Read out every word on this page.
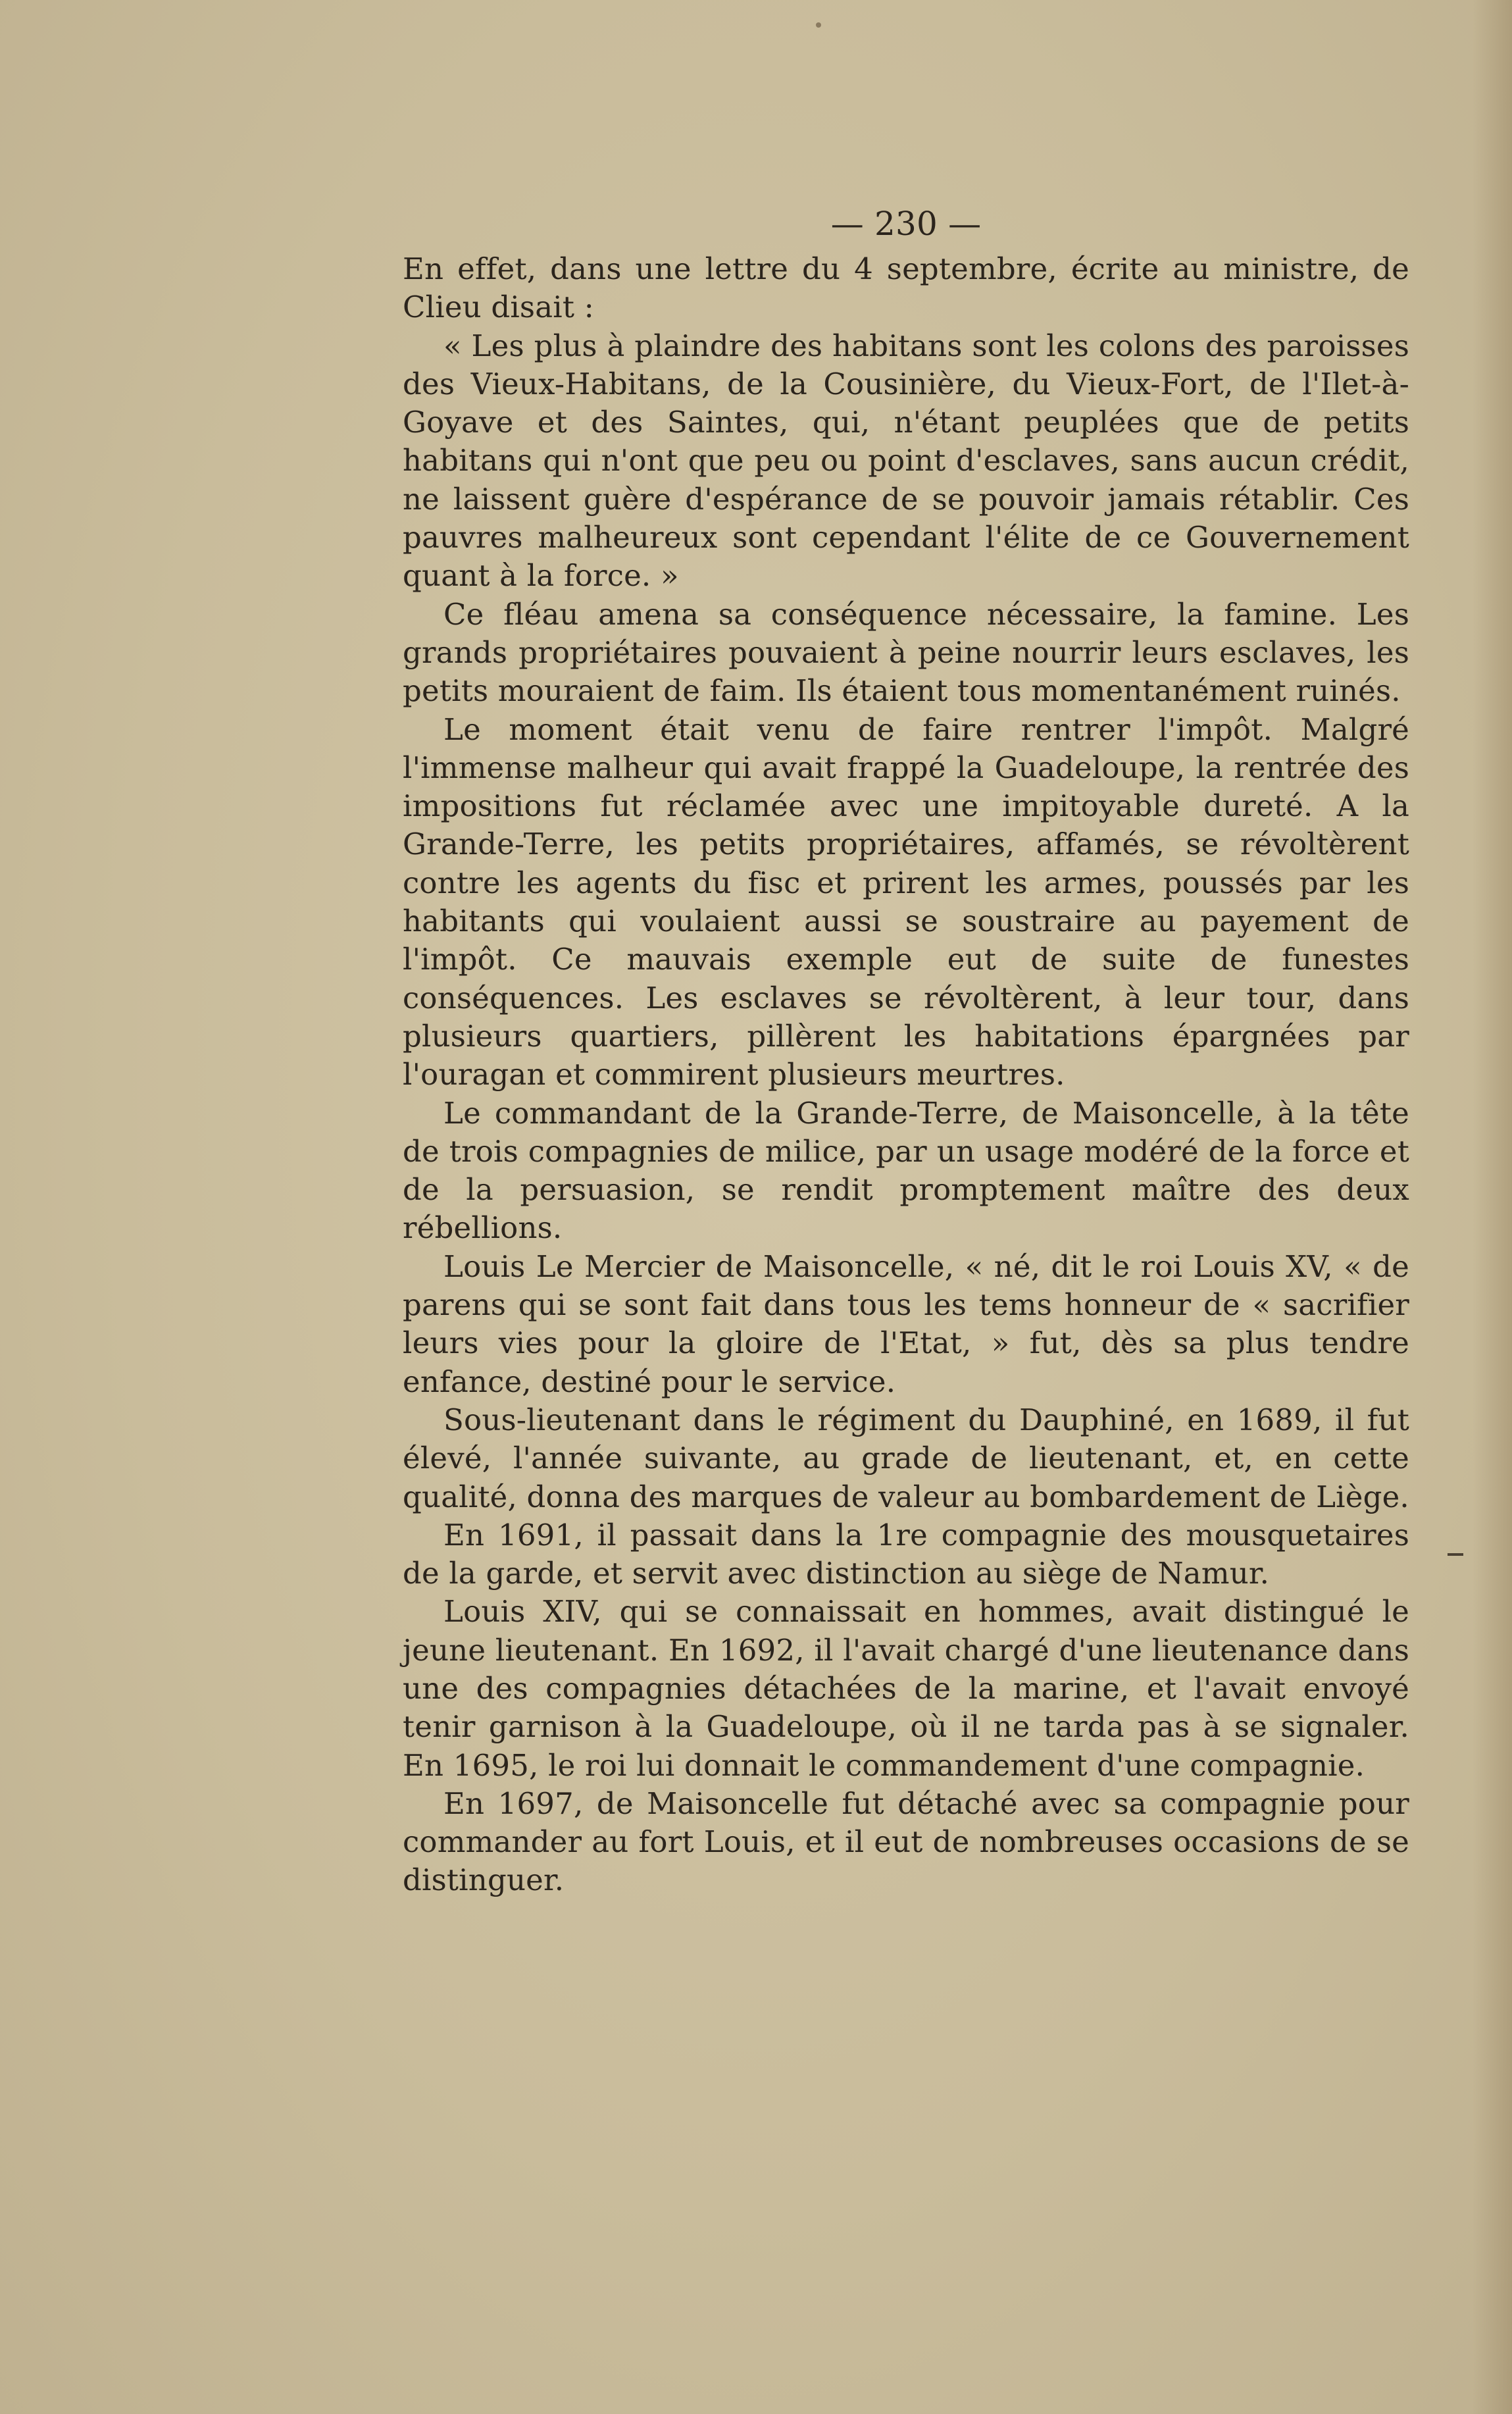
— 230 —

En effet, dans une lettre du 4 septembre, écrite au ministre, de Clieu disait :

« Les plus à plaindre des habitans sont les colons des paroisses des Vieux-Habitans, de la Cousinière, du Vieux-Fort, de l'Ilet-à-Goyave et des Saintes, qui, n'étant peuplées que de petits habitans qui n'ont que peu ou point d'esclaves, sans aucun crédit, ne laissent guère d'espérance de se pouvoir jamais rétablir. Ces pauvres malheureux sont cependant l'élite de ce Gouvernement quant à la force. »

Ce fléau amena sa conséquence nécessaire, la famine. Les grands propriétaires pouvaient à peine nourrir leurs esclaves, les petits mouraient de faim. Ils étaient tous momentanément ruinés.

Le moment était venu de faire rentrer l'impôt. Malgré l'immense malheur qui avait frappé la Guadeloupe, la rentrée des impositions fut réclamée avec une impitoyable dureté. A la Grande-Terre, les petits propriétaires, affamés, se révoltèrent contre les agents du fisc et prirent les armes, poussés par les habitants qui voulaient aussi se soustraire au payement de l'impôt. Ce mauvais exemple eut de suite de funestes conséquences. Les esclaves se révoltèrent, à leur tour, dans plusieurs quartiers, pillèrent les habitations épargnées par l'ouragan et commirent plusieurs meurtres.

Le commandant de la Grande-Terre, de Maisoncelle, à la tête de trois compagnies de milice, par un usage modéré de la force et de la persuasion, se rendit promptement maître des deux rébellions.

Louis Le Mercier de Maisoncelle, « né, dit le roi Louis XV, « de parens qui se sont fait dans tous les tems honneur de « sacrifier leurs vies pour la gloire de l'Etat, » fut, dès sa plus tendre enfance, destiné pour le service.

Sous-lieutenant dans le régiment du Dauphiné, en 1689, il fut élevé, l'année suivante, au grade de lieutenant, et, en cette qualité, donna des marques de valeur au bombardement de Liège.

En 1691, il passait dans la 1re compagnie des mousquetaires de la garde, et servit avec distinction au siège de Namur.

Louis XIV, qui se connaissait en hommes, avait distingué le jeune lieutenant. En 1692, il l'avait chargé d'une lieutenance dans une des compagnies détachées de la marine, et l'avait envoyé tenir garnison à la Guadeloupe, où il ne tarda pas à se signaler. En 1695, le roi lui donnait le commandement d'une compagnie.

En 1697, de Maisoncelle fut détaché avec sa compagnie pour commander au fort Louis, et il eut de nombreuses occasions de se distinguer.
